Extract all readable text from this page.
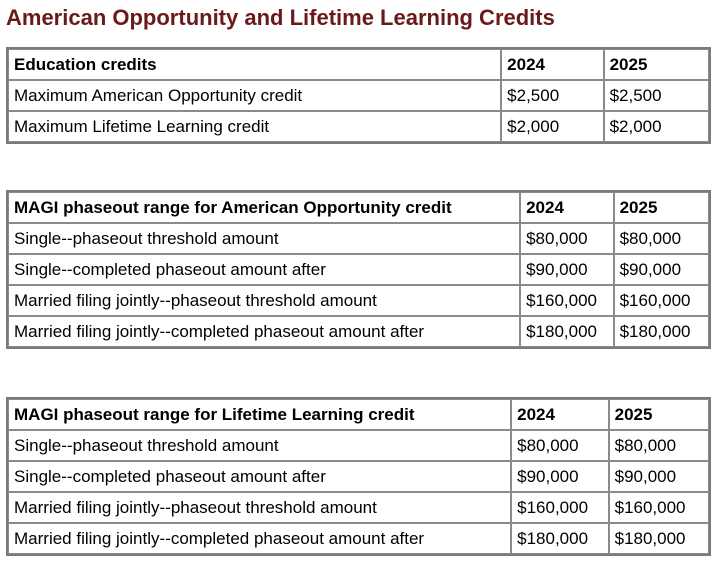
American Opportunity and Lifetime Learning Credits
Education credits	2024	2025
Maximum American Opportunity credit	$2,500	$2,500
Maximum Lifetime Learning credit	$2,000	$2,000
MAGI phaseout range for American Opportunity credit	2024	2025
Single--phaseout threshold amount	$80,000	$80,000
Single--completed phaseout amount after	$90,000	$90,000
Married filing jointly--phaseout threshold amount	$160,000	$160,000
Married filing jointly--completed phaseout amount after	$180,000	$180,000
MAGI phaseout range for Lifetime Learning credit	2024	2025
Single--phaseout threshold amount	$80,000	$80,000
Single--completed phaseout amount after	$90,000	$90,000
Married filing jointly--phaseout threshold amount	$160,000	$160,000
Married filing jointly--completed phaseout amount after	$180,000	$180,000
